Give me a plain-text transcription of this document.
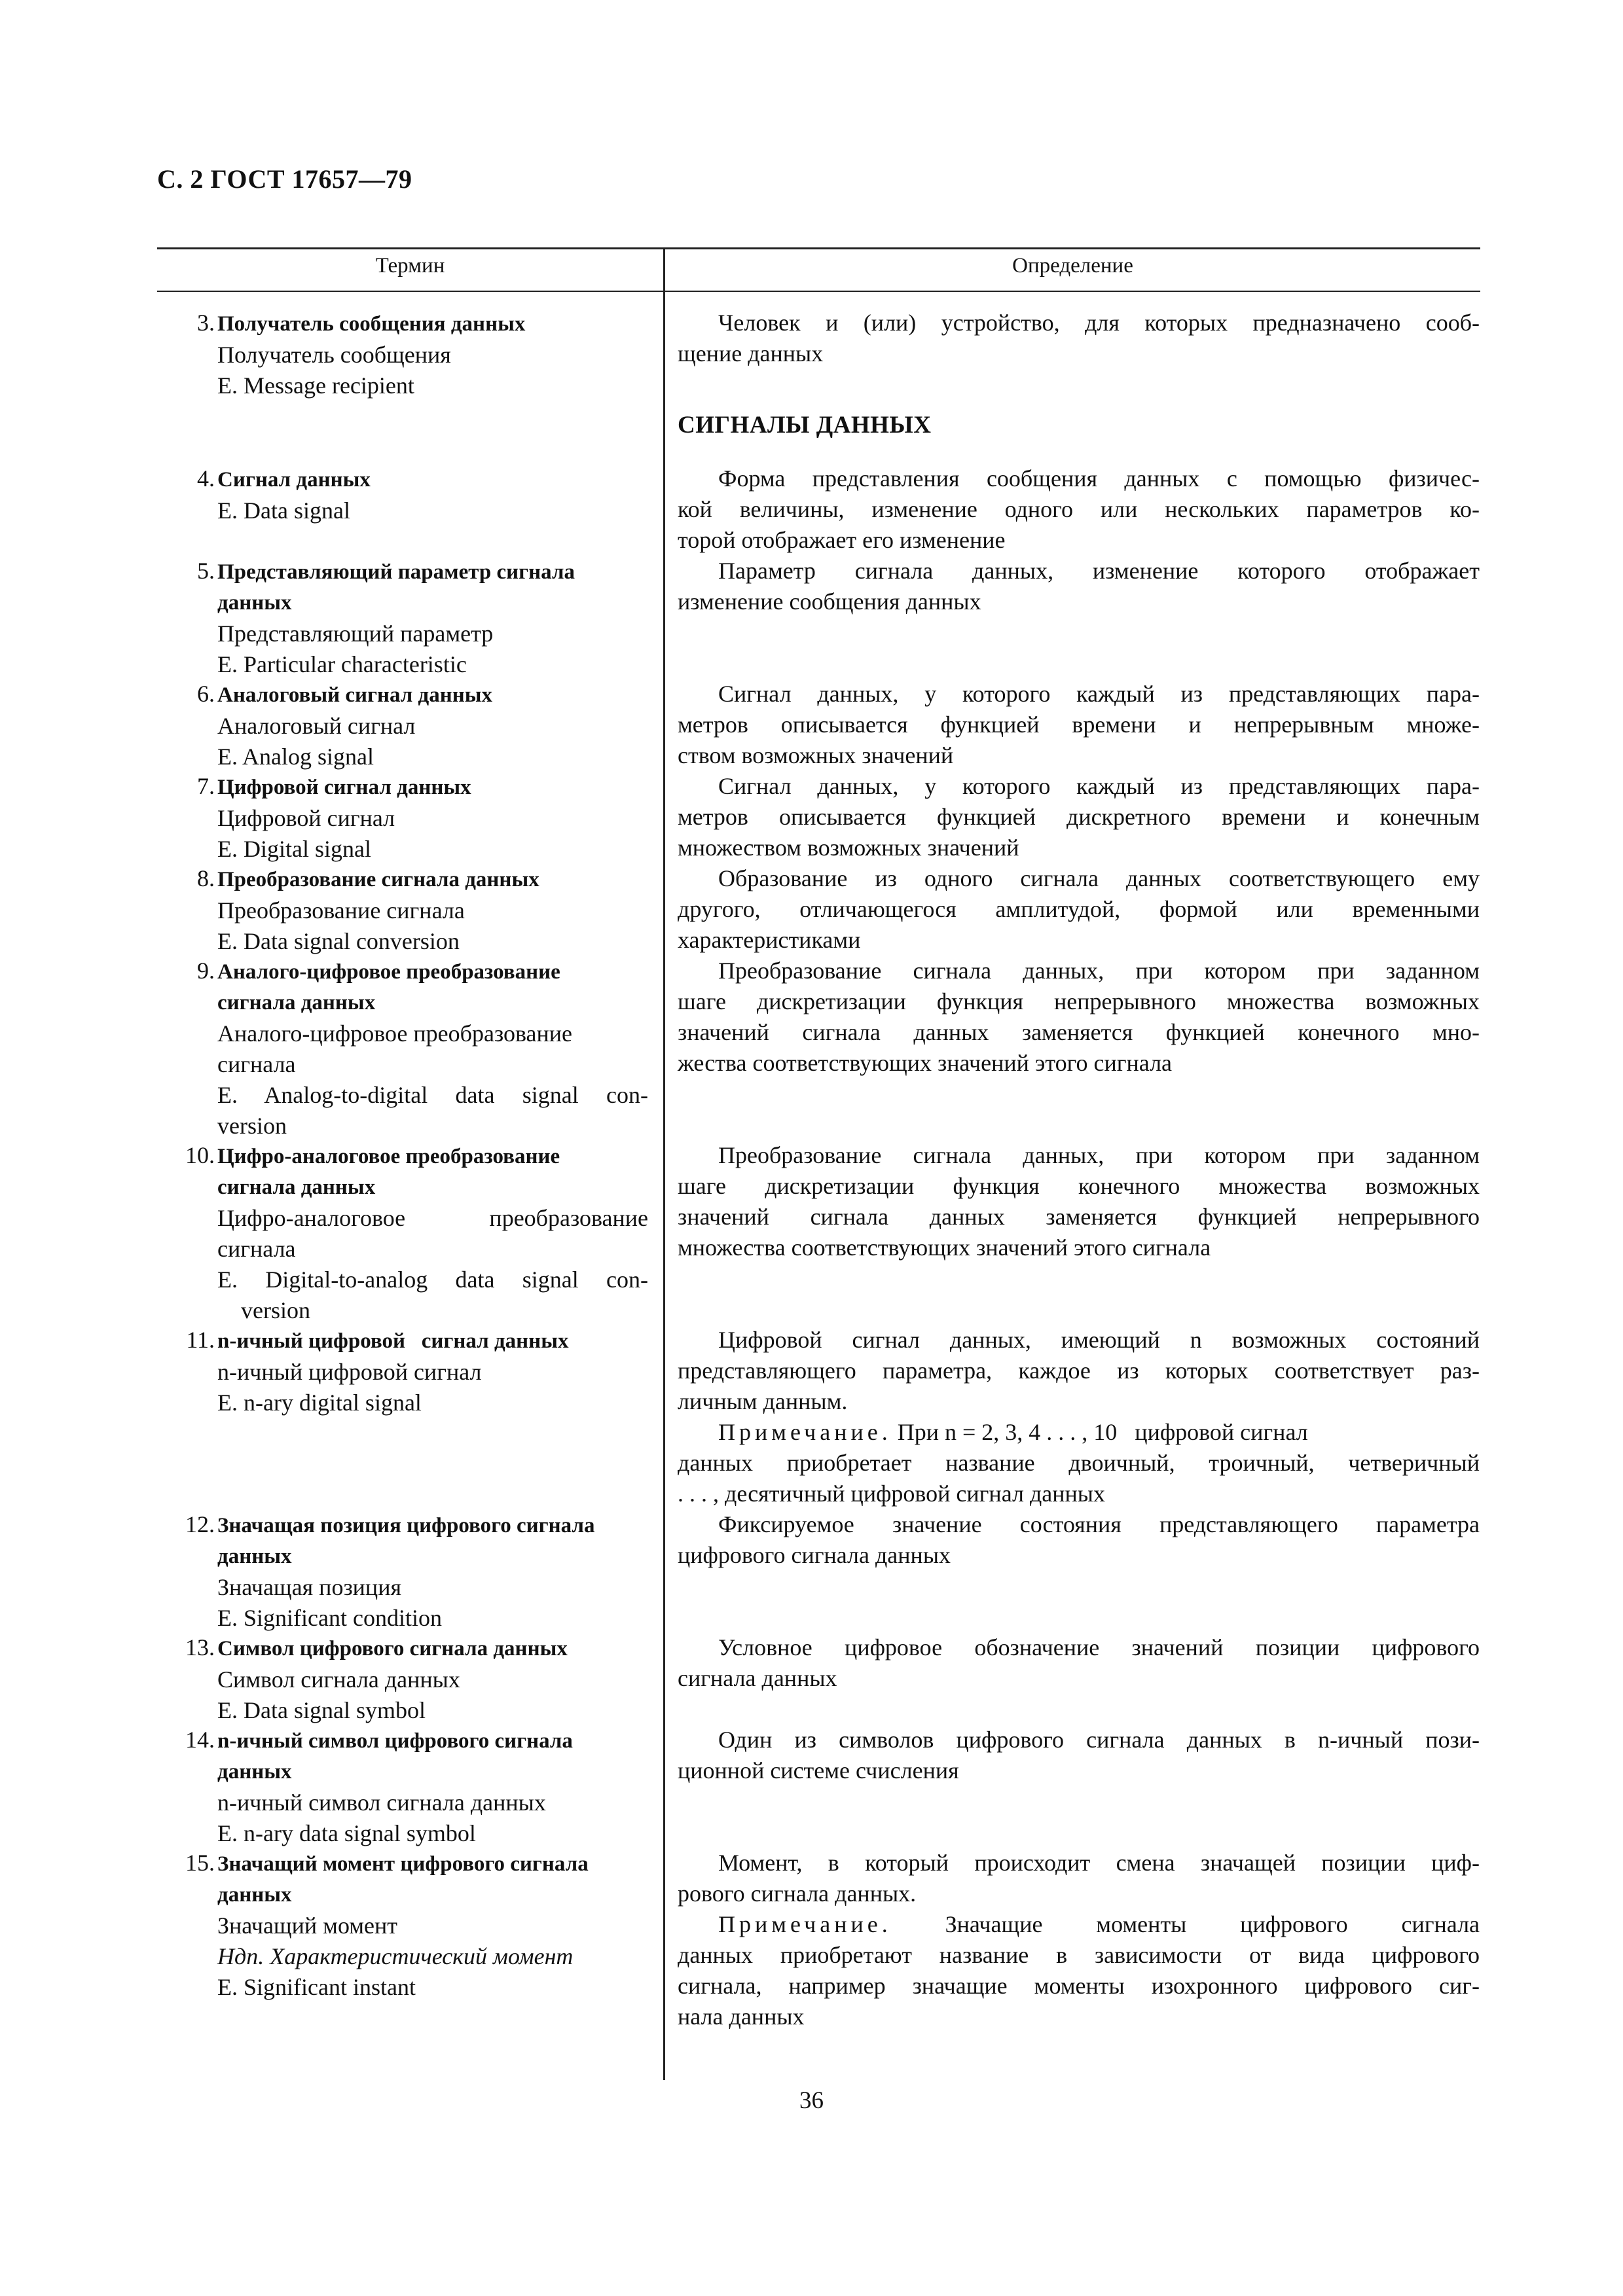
С. 2 ГОСТ 17657—79
Термин	Определение
СИГНАЛЫ ДАННЫХ
3. Получатель сообщения данных
Получатель сообщения
E. Message recipient
4. Сигнал данных
E. Data signal
5. Представляющий параметр сигнала
данных
Представляющий параметр
E. Particular characteristic
6. Аналоговый сигнал данных
Аналоговый сигнал
E. Analog signal
7. Цифровой сигнал данных
Цифровой сигнал
E. Digital signal
8. Преобразование сигнала данных
Преобразование сигнала
E. Data signal conversion
9. Аналого-цифровое преобразование
сигнала данных
Аналого-цифровое преобразование
сигнала
E. Analog-to-digital data signal con-
version
10. Цифро-аналоговое преобразование
сигнала данных
Цифро-аналоговое преобразование
сигнала
E. Digital-to-analog data signal con-
version
11. n-ичный цифровой   сигнал данных
n-ичный цифровой сигнал
E. n-ary digital signal
12. Значащая позиция цифрового сигнала
данных
Значащая позиция
E. Significant condition
13. Символ цифрового сигнала данных
Символ сигнала данных
E. Data signal symbol
14. n-ичный символ цифрового сигнала
данных
n-ичный символ сигнала данных
E. n-ary data signal symbol
15. Значащий момент цифрового сигнала
данных
Значащий момент
Ндп. Характеристический момент
E. Significant instant
Человек и (или) устройство, для которых предназначено сооб-
щение данных
Форма представления сообщения данных с помощью физичес-
кой величины, изменение одного или нескольких параметров ко-
торой отображает его изменение
Параметр сигнала данных, изменение которого отображает
изменение сообщения данных
Сигнал данных, у которого каждый из представляющих пара-
метров описывается функцией времени и непрерывным множе-
ством возможных значений
Сигнал данных, у которого каждый из представляющих пара-
метров описывается функцией дискретного времени и конечным
множеством возможных значений
Образование из одного сигнала данных соответствующего ему
другого, отличающегося амплитудой, формой или временными
характеристиками
Преобразование сигнала данных, при котором при заданном
шаге дискретизации функция непрерывного множества возможных
значений сигнала данных заменяется функцией конечного мно-
жества соответствующих значений этого сигнала
Преобразование сигнала данных, при котором при заданном
шаге дискретизации функция конечного множества возможных
значений сигнала данных заменяется функцией непрерывного
множества соответствующих значений этого сигнала
Цифровой сигнал данных, имеющий n возможных состояний
представляющего параметра, каждое из которых соответствует раз-
личным данным.
Примечание. При n = 2, 3, 4 . . . , 10   цифровой сигнал
данных приобретает название двоичный, троичный, четверичный
. . . , десятичный цифровой сигнал данных
Фиксируемое значение состояния представляющего параметра
цифрового сигнала данных
Условное цифровое обозначение значений позиции цифрового
сигнала данных
Один из символов цифрового сигнала данных в n-ичный пози-
ционной системе счисления
Момент, в который происходит смена значащей позиции циф-
рового сигнала данных.
Примечание. Значащие моменты цифрового сигнала
данных приобретают название в зависимости от вида цифрового
сигнала, например значащие моменты изохронного цифрового сиг-
нала данных
36
